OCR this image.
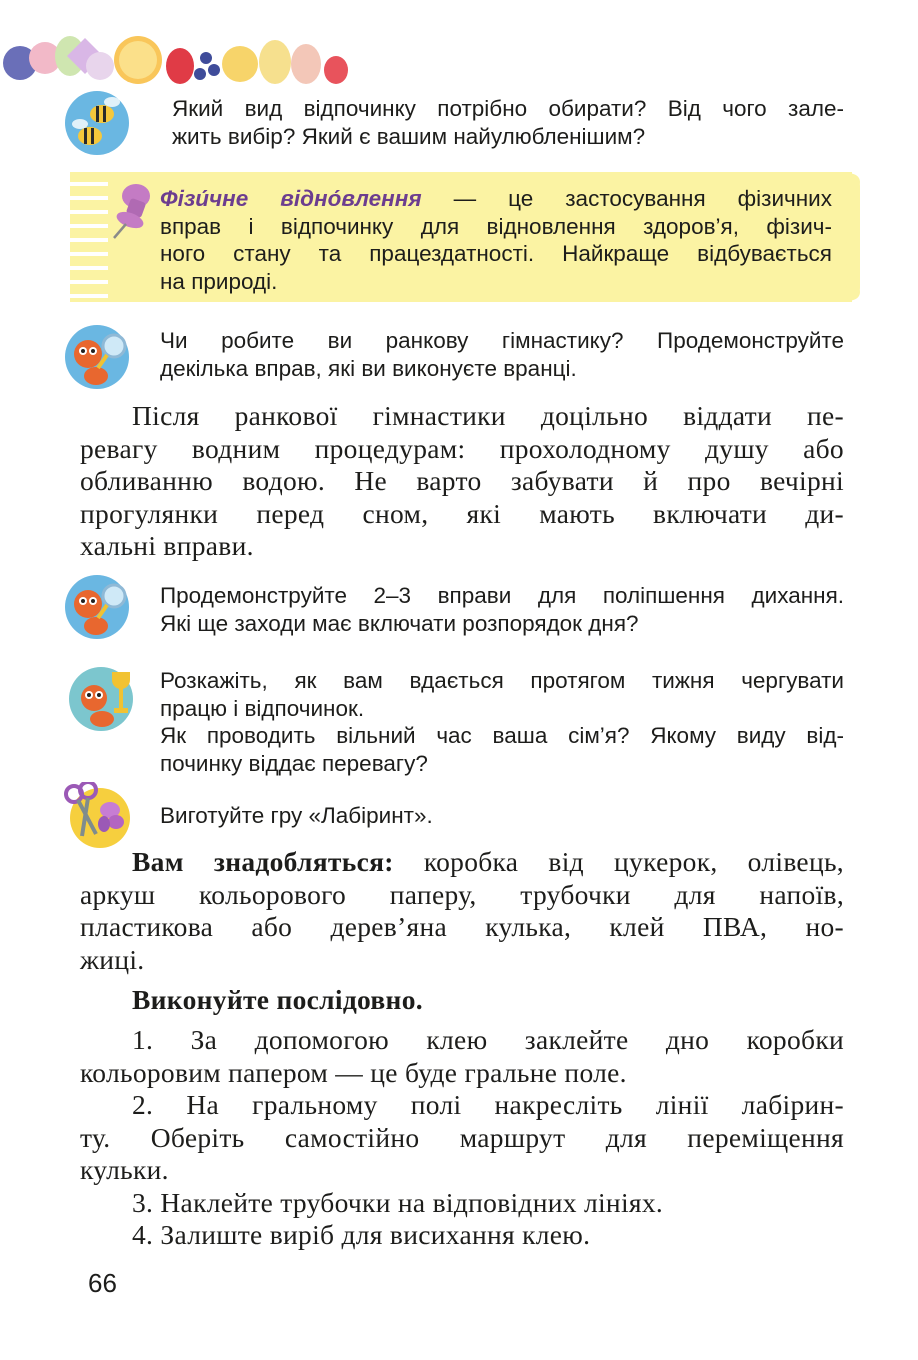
Який вид відпочинку потрібно обирати? Від чого зале-
жить вибір? Який є вашим найулюбленішим?
Фізи́чне відно́влення — це застосування фізичних
вправ і відпочинку для відновлення здоров’я, фізич-
ного стану та працездатності. Найкраще відбувається
на природі.
Чи робите ви ранкову гімнастику? Продемонструйте
декілька вправ, які ви виконуєте вранці.
Після ранкової гімнастики доцільно віддати пе-
ревагу водним процедурам: прохолодному душу або
обливанню водою. Не варто забувати й про вечірні
прогулянки перед сном, які мають включати ди-
хальні вправи.
Продемонструйте 2–3 вправи для поліпшення дихання.
Які ще заходи має включати розпорядок дня?
Розкажіть, як вам вдається протягом тижня чергувати
працю і відпочинок.
Як проводить вільний час ваша сім’я? Якому виду від-
починку віддає перевагу?
Виготуйте гру «Лабіринт».
Вам знадобляться: коробка від цукерок, олівець,
аркуш кольорового паперу, трубочки для напоїв,
пластикова або дерев’яна кулька, клей ПВА, но-
жиці.
Виконуйте послідовно.
1. За допомогою клею заклейте дно коробки
кольоровим папером — це буде гральне поле.
2. На гральному полі накресліть лінії лабірин-
ту. Оберіть самостійно маршрут для переміщення
кульки.
3. Наклейте трубочки на відповідних лініях.
4. Залиште виріб для висихання клею.
66
